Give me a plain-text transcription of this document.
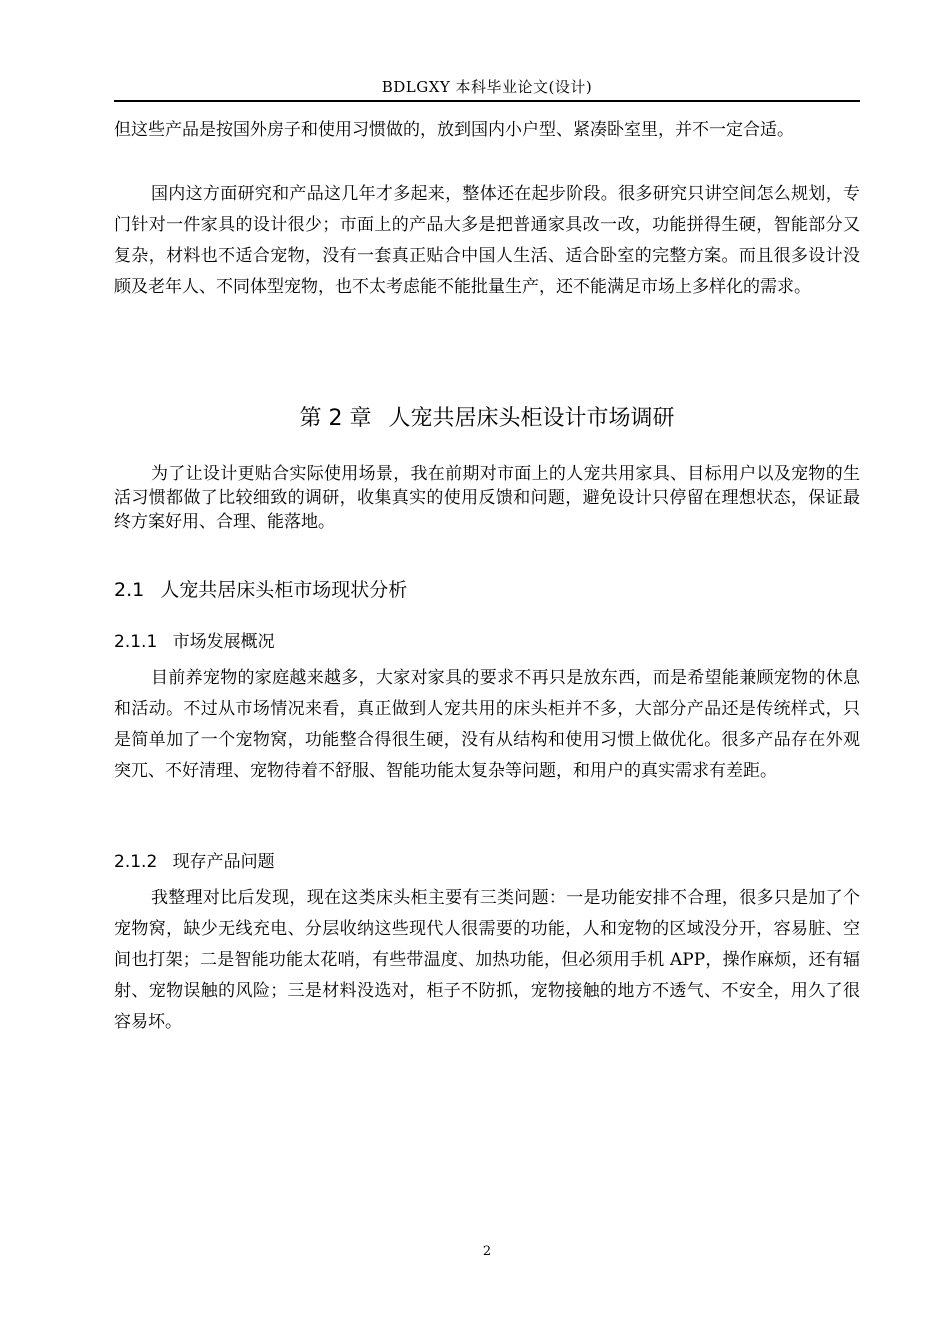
BDLGXY 本科毕业论文(设计)
但这些产品是按国外房子和使用习惯做的，放到国内小户型、紧凑卧室里，并不一定合适。
国内这方面研究和产品这几年才多起来，整体还在起步阶段。很多研究只讲空间怎么规划，专门针对一件家具的设计很少；市面上的产品大多是把普通家具改一改，功能拼得生硬，智能部分又复杂，材料也不适合宠物，没有一套真正贴合中国人生活、适合卧室的完整方案。而且很多设计没顾及老年人、不同体型宠物，也不太考虑能不能批量生产，还不能满足市场上多样化的需求。
第 2 章 人宠共居床头柜设计市场调研
为了让设计更贴合实际使用场景，我在前期对市面上的人宠共用家具、目标用户以及宠物的生活习惯都做了比较细致的调研，收集真实的使用反馈和问题，避免设计只停留在理想状态，保证最终方案好用、合理、能落地。
2.1 人宠共居床头柜市场现状分析
2.1.1 市场发展概况
目前养宠物的家庭越来越多，大家对家具的要求不再只是放东西，而是希望能兼顾宠物的休息和活动。不过从市场情况来看，真正做到人宠共用的床头柜并不多，大部分产品还是传统样式，只是简单加了一个宠物窝，功能整合得很生硬，没有从结构和使用习惯上做优化。很多产品存在外观突兀、不好清理、宠物待着不舒服、智能功能太复杂等问题，和用户的真实需求有差距。
2.1.2 现存产品问题
我整理对比后发现，现在这类床头柜主要有三类问题：一是功能安排不合理，很多只是加了个宠物窝，缺少无线充电、分层收纳这些现代人很需要的功能，人和宠物的区域没分开，容易脏、空间也打架；二是智能功能太花哨，有些带温度、加热功能，但必须用手机 APP，操作麻烦，还有辐射、宠物误触的风险；三是材料没选对，柜子不防抓，宠物接触的地方不透气、不安全，用久了很容易坏。
2
